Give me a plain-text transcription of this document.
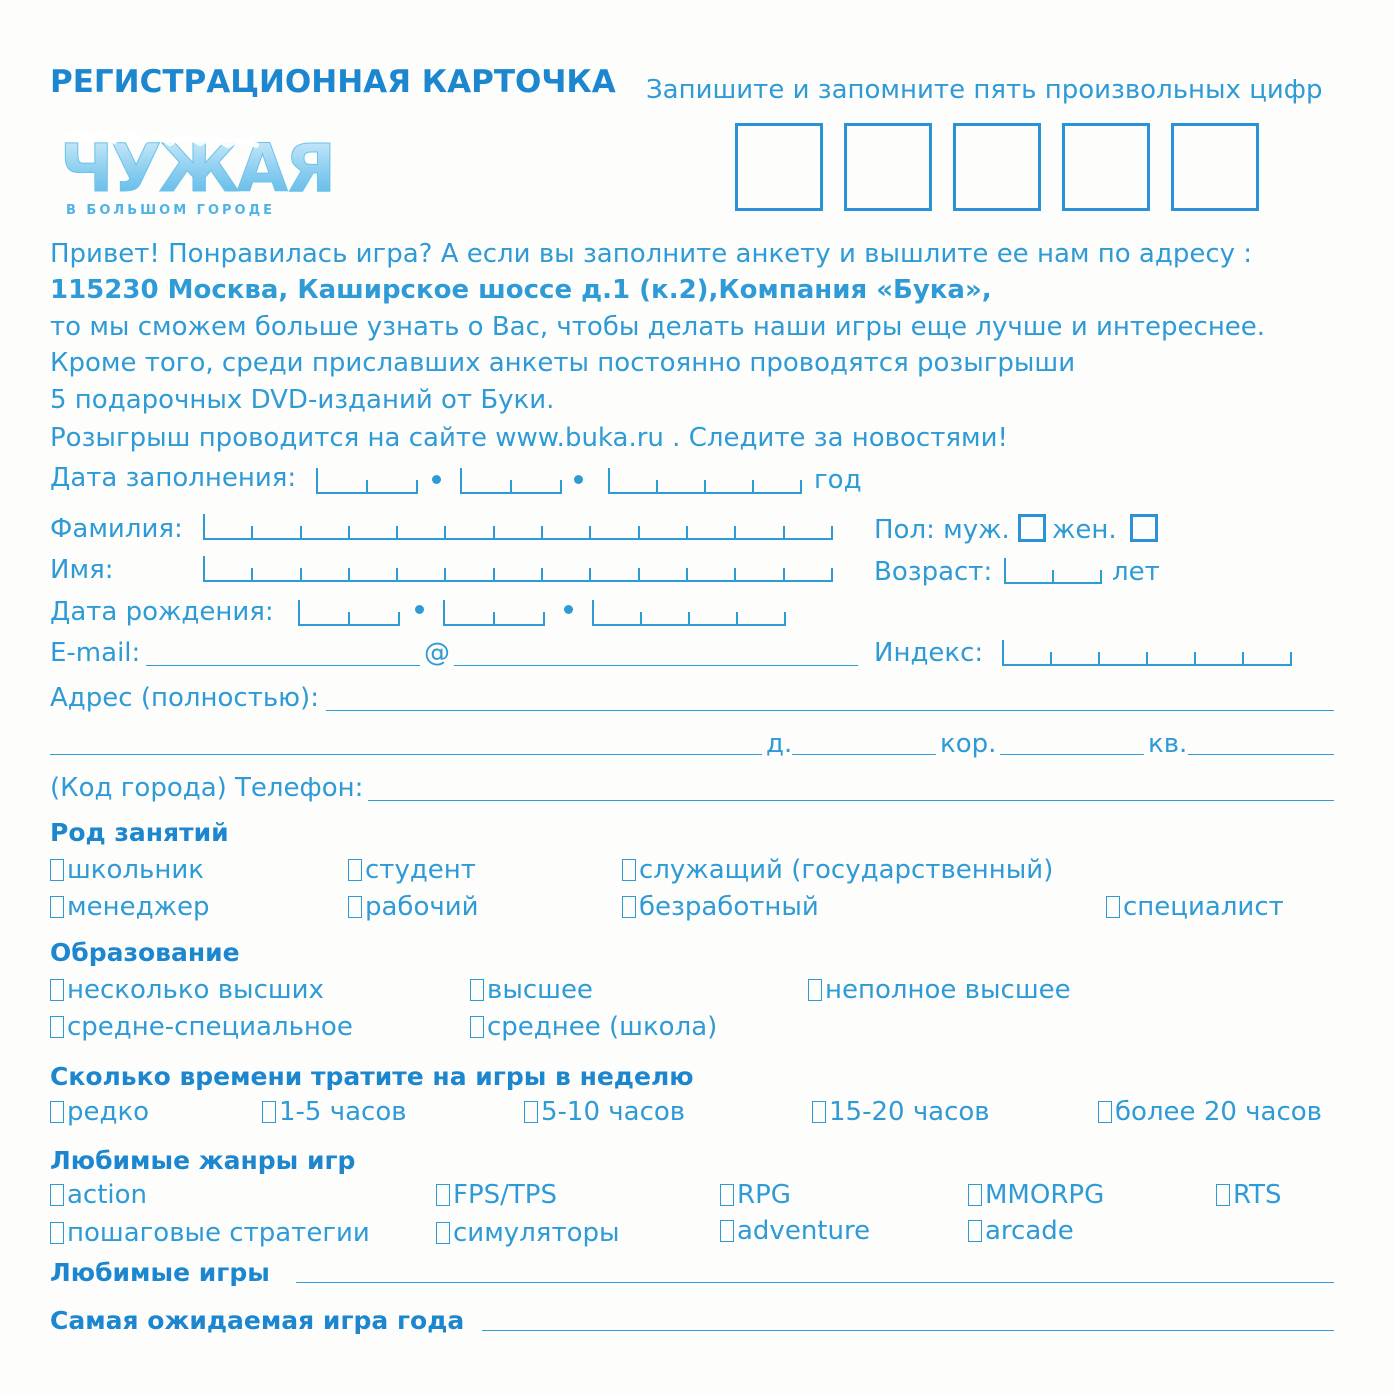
РЕГИСТРАЦИОННАЯ КАРТОЧКА Запишите и запомните пять произвольных цифр
ЧУЖАЯ
В БОЛЬШОМ ГОРОДЕ
Привет! Понравилась игра? А если вы заполните анкету и вышлите ее нам по адресу :
115230 Москва, Каширское шоссе д.1 (к.2),Компания «Бука»,
то мы сможем больше узнать о Вас, чтобы делать наши игры еще лучше и интереснее.
Кроме того, среди приславших анкеты постоянно проводятся розыгрыши
5 подарочных DVD-изданий от Буки.
Розыгрыш проводится на сайте www.buka.ru . Следите за новостями!
Дата заполнения:	год
Фамилия:
Имя:
Пол: муж. жен.
Возраст:	лет
Дата рождения:
E-mail:	@	Индекс:
Адрес (полностью):
д.	кор.	кв.
(Код города) Телефон:
Род занятий
школьник	студент	служащий (государственный)
менеджер	рабочий	безработный	специалист
Образование
несколько высших	высшее	неполное высшее
средне-специальное	среднее (школа)
Сколько времени тратите на игры в неделю
редко	1-5 часов	5-10 часов	15-20 часов	более 20 часов
Любимые жанры игр
action	FPS/TPS	RPG	MMORPG	RTS
пошаговые стратегии	симуляторы	adventure	arcade
Любимые игры
Самая ожидаемая игра года
